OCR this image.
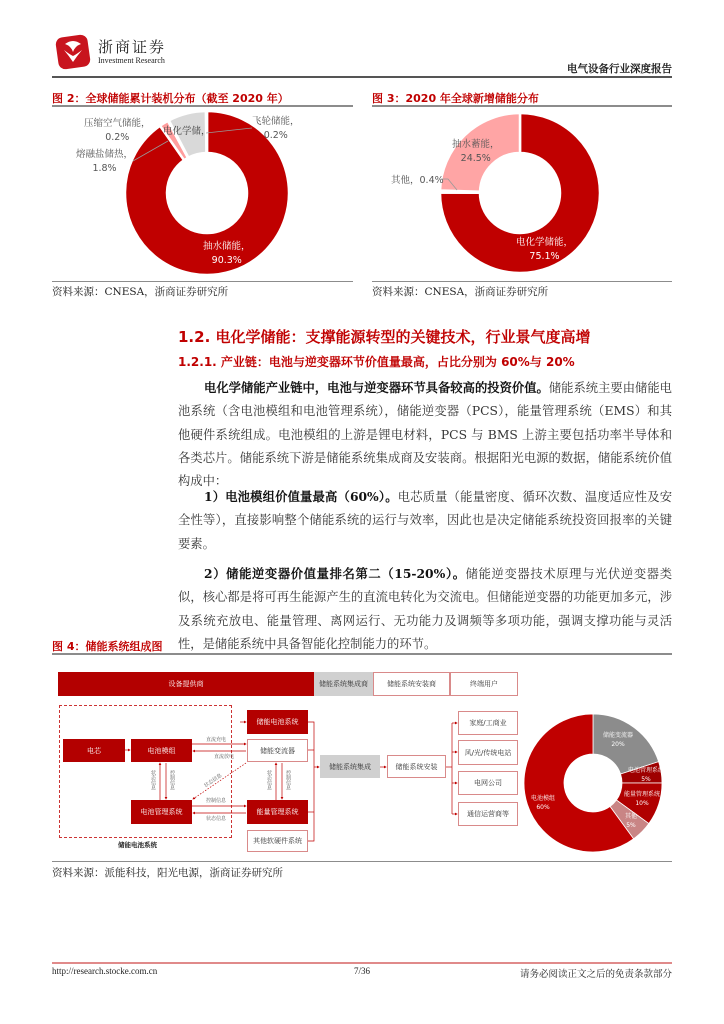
浙商证券
Investment Research
电气设备行业深度报告
图 2：全球储能累计装机分布（截至 2020 年）
压缩空气储能，
0.2%
熔融盐储热，
1.8%
电化学储，
飞轮储能，
0.2%
抽水储能，
90.3%
资料来源：CNESA，浙商证券研究所
图 3：2020 年全球新增储能分布
抽水蓄能，
24.5%
其他，0.4%
电化学储能，
75.1%
资料来源：CNESA，浙商证券研究所
1.2. 电化学储能：支撑能源转型的关键技术，行业景气度高增
1.2.1. 产业链：电池与逆变器环节价值量最高，占比分别为 60%与 20%

电化学储能产业链中，电池与逆变器环节具备较高的投资价值。储能系统主要由储能电池系统（含电池模组和电池管理系统），储能逆变器（PCS），能量管理系统（EMS）和其他硬件系统组成。电池模组的上游是锂电材料，PCS 与 BMS 上游主要包括功率半导体和各类芯片。储能系统下游是储能系统集成商及安装商。根据阳光电源的数据，储能系统价值构成中：

1）电池模组价值量最高（60%）。电芯质量（能量密度、循环次数、温度适应性及安全性等），直接影响整个储能系统的运行与效率，因此也是决定储能系统投资回报率的关键要素。

2）储能逆变器价值量排名第二（15-20%）。储能逆变器技术原理与光伏逆变器类似，核心都是将可再生能源产生的直流电转化为交流电。但储能逆变器的功能更加多元，涉及系统充放电、能量管理、离网运行、无功能力及调频等多项功能，强调支撑功能与灵活性，是储能系统中具备智能化控制能力的环节。

图 4：储能系统组成图
设备提供商	储能系统集成商	储能系统安装商	终端用户
储能电池系统
电芯	电池模组
电池管理系统
储能电池系统
储能变流器
能量管理系统
其他软硬件系统
储能系统集成	储能系统安装
家庭/工商业
风/光/传统电站
电网公司
通信运营商等
直流充电
直流放电
状态信息
控制信息
状态信息
状态信息	控制信息	状态信息	控制信息
储能变流器
20%
电池管理系统
5%
能量管理系统
10%
其他
5%
电池模组
60%
资料来源：派能科技，阳光电源，浙商证券研究所
http://research.stocke.com.cn	7/36	请务必阅读正文之后的免责条款部分
